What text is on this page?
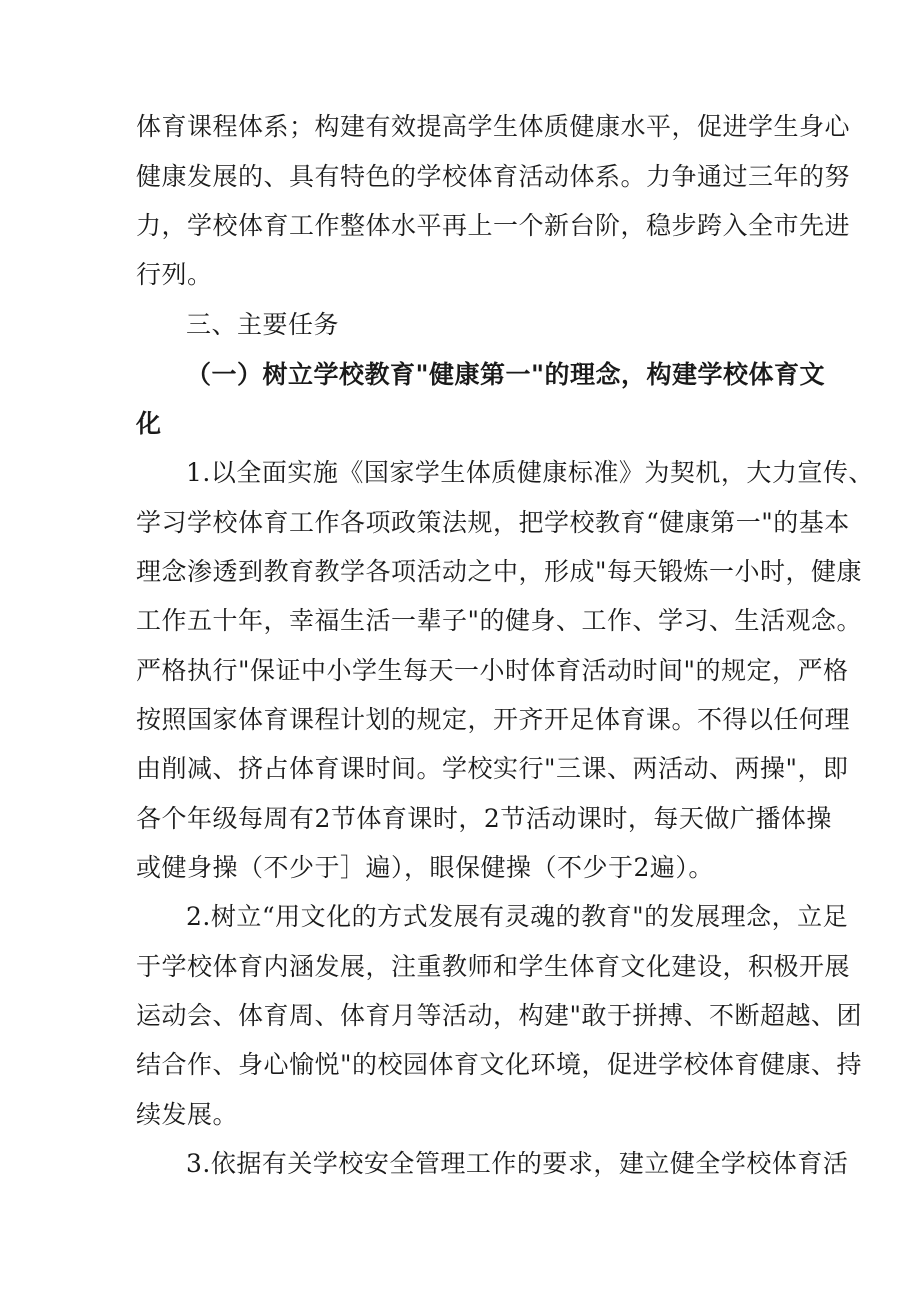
体育课程体系；构建有效提高学生体质健康水平，促进学生身心
健康发展的、具有特色的学校体育活动体系。力争通过三年的努
力，学校体育工作整体水平再上一个新台阶，稳步跨入全市先进
行列。
三、主要任务
（一）树立学校教育"健康第一"的理念，构建学校体育文
化
1.以全面实施《国家学生体质健康标准》为契机，大力宣传、
学习学校体育工作各项政策法规，把学校教育“健康第一"的基本
理念渗透到教育教学各项活动之中，形成"每天锻炼一小时，健康
工作五十年，幸福生活一辈子"的健身、工作、学习、生活观念。
严格执行"保证中小学生每天一小时体育活动时间"的规定，严格
按照国家体育课程计划的规定，开齐开足体育课。不得以任何理
由削减、挤占体育课时间。学校实行"三课、两活动、两操"，即
各个年级每周有2节体育课时，2节活动课时，每天做广播体操
或健身操（不少于］遍），眼保健操（不少于2遍）。
2.树立“用文化的方式发展有灵魂的教育"的发展理念，立足
于学校体育内涵发展，注重教师和学生体育文化建设，积极开展
运动会、体育周、体育月等活动，构建"敢于拼搏、不断超越、团
结合作、身心愉悦"的校园体育文化环境，促进学校体育健康、持
续发展。
3.依据有关学校安全管理工作的要求，建立健全学校体育活
